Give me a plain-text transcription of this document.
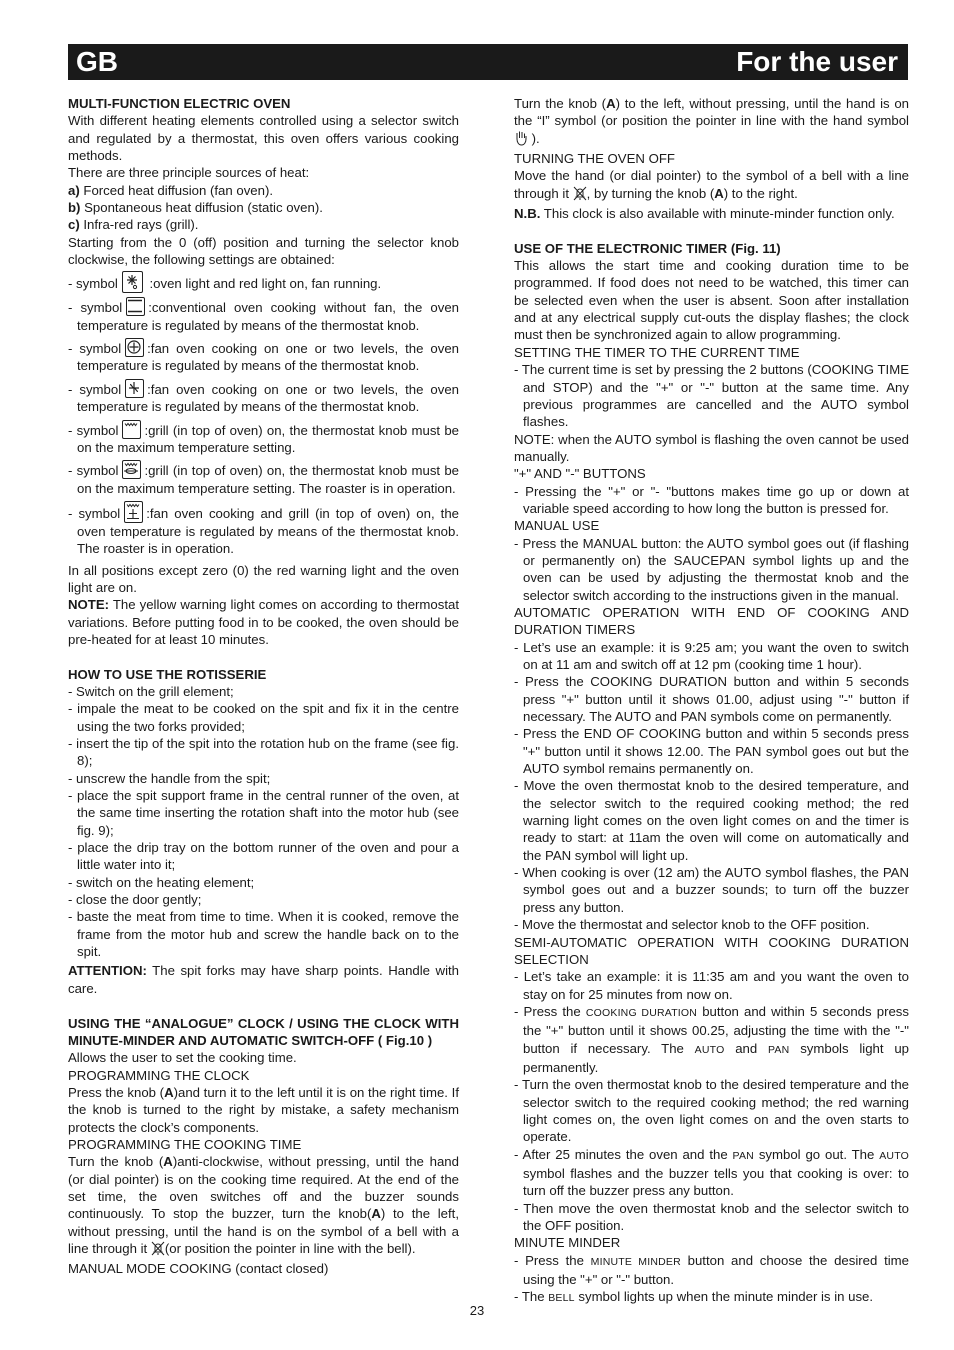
GB	For the user

MULTI-FUNCTION ELECTRIC OVEN

With different heating elements controlled using a selector switch and regulated by a thermostat, this oven offers various cooking methods.

There are three principle sources of heat:

a) Forced heat diffusion (fan oven).

b) Spontaneous heat diffusion (static oven).

c) Infra-red rays (grill).

Starting from the 0 (off) position and turning the selector knob clockwise, the following settings are obtained:

- symbol
:oven light and red light on, fan running.

- symbol :conventional oven cooking without fan, the oven temperature is regulated by means of the thermostat knob.

- symbol :fan oven cooking on one or two levels, the oven temperature is regulated by means of the thermostat knob.

- symbol :fan oven cooking on one or two levels, the oven temperature is regulated by means of the thermostat knob.

- symbol :grill (in top of oven) on, the thermostat knob must be on the maximum temperature setting.

- symbol :grill (in top of oven) on, the thermostat knob must be on the maximum temperature setting. The roaster is in operation.

- symbol :fan oven cooking and grill (in top of oven) on, the oven temperature is regulated by means of the thermostat knob. The roaster is in operation.

In all positions except zero (0) the red warning light and the oven light are on.

NOTE: The yellow warning light comes on according to thermostat variations. Before putting food in to be cooked, the oven should be pre-heated for at least 10 minutes.

HOW TO USE THE ROTISSERIE

- Switch on the grill element;

- impale the meat to be cooked on the spit and fix it in the centre using the two forks provided;

- insert the tip of the spit into the rotation hub on the frame (see fig. 8);

- unscrew the handle from the spit;

- place the spit support frame in the central runner of the oven, at the same time inserting the rotation shaft into the motor hub (see fig. 9);

- place the drip tray on the bottom runner of the oven and pour a little water into it;

- switch on the heating element;

- close the door gently;

- baste the meat from time to time. When it is cooked, remove the frame from the motor hub and screw the handle back on to the spit.

ATTENTION: The spit forks may have sharp points. Handle with care.

USING THE “ANALOGUE” CLOCK / USING THE CLOCK WITH MINUTE-MINDER AND AUTOMATIC SWITCH-OFF ( Fig.10 )

Allows the user to set the cooking time.

PROGRAMMING THE CLOCK

Press the knob (A)and turn it to the left until it is on the right time. If the knob is turned to the right by mistake, a safety mechanism protects the clock’s components.

PROGRAMMING THE COOKING TIME

Turn the knob (A)anti-clockwise, without pressing, until the hand (or dial pointer) is on the cooking time required. At the end of the set time, the oven switches off and the buzzer sounds continuously. To stop the buzzer, turn the knob(A) to the left, without pressing, until the hand is on the symbol of a bell with a line through it (or position the pointer in line with the bell).

MANUAL MODE COOKING (contact closed)

Turn the knob (A) to the left, without pressing, until the hand is on the “I” symbol (or position the pointer in line with the hand symbol  ).

TURNING THE OVEN OFF

Move the hand (or dial pointer) to the symbol of a bell with a line through it , by turning the knob (A) to the right.

N.B. This clock is also available with minute-minder function only.

USE OF THE ELECTRONIC TIMER (Fig. 11)

This allows the start time and cooking duration time to be programmed. If food does not need to be watched, this timer can be selected even when the user is absent. Soon after installation and at any electrical supply cut-outs the display flashes; the clock must then be synchronized again to allow programming.

SETTING THE TIMER TO THE CURRENT TIME

- The current time is set by pressing the 2 buttons (COOKING TIME and STOP) and the "+" or "-" button at the same time. Any previous programmes are cancelled and the AUTO symbol flashes.

NOTE: when the AUTO symbol is flashing the oven cannot be used manually.

"+" AND "-" BUTTONS

- Pressing the "+" or "- "buttons makes time go up or down at variable speed according to how long the button is pressed for.

MANUAL USE

- Press the MANUAL button: the AUTO symbol goes out (if flashing or permanently on) the SAUCEPAN symbol lights up and the oven can be used by adjusting the thermostat knob and the selector switch according to the instructions given in the manual.

AUTOMATIC OPERATION WITH END OF COOKING AND DURATION TIMERS

- Let’s use an example: it is 9:25 am; you want the oven to switch on at 11 am and switch off at 12 pm (cooking time 1 hour).

- Press the COOKING DURATION button and within 5 seconds press "+" button until it shows 01.00, adjust using "-" button if necessary. The AUTO and PAN symbols come on permanently.

- Press the END OF COOKING button and within 5 seconds press "+" button until it shows 12.00. The PAN symbol goes out but the AUTO symbol remains permanently on.

- Move the oven thermostat knob to the desired temperature, and the selector switch to the required cooking method; the red warning light comes on the oven light comes on and the timer is ready to start: at 11am the oven will come on automatically and the PAN symbol will light up.

- When cooking is over (12 am) the AUTO symbol flashes, the PAN symbol goes out and a buzzer sounds; to turn off the buzzer press any button.

- Move the thermostat and selector knob to the OFF position.

SEMI-AUTOMATIC OPERATION WITH COOKING DURATION SELECTION

- Let’s take an example: it is 11:35 am and you want the oven to stay on for 25 minutes from now on.

- Press the COOKING DURATION button and within 5 seconds press the "+" button until it shows 00.25, adjusting the time with the "-" button if necessary. The AUTO and PAN symbols light up permanently.

- Turn the oven thermostat knob to the desired temperature and the selector switch to the required cooking method; the red warning light comes on, the oven light comes on and the oven starts to operate.

- After 25 minutes the oven and the PAN symbol go out. The AUTO symbol flashes and the buzzer tells you that cooking is over: to turn off the buzzer press any button.

- Then move the oven thermostat knob and the selector switch to the OFF position.

MINUTE MINDER

- Press the MINUTE MINDER button and choose the desired time using the "+" or "-" button.

- The BELL symbol lights up when the minute minder is in use.

23
